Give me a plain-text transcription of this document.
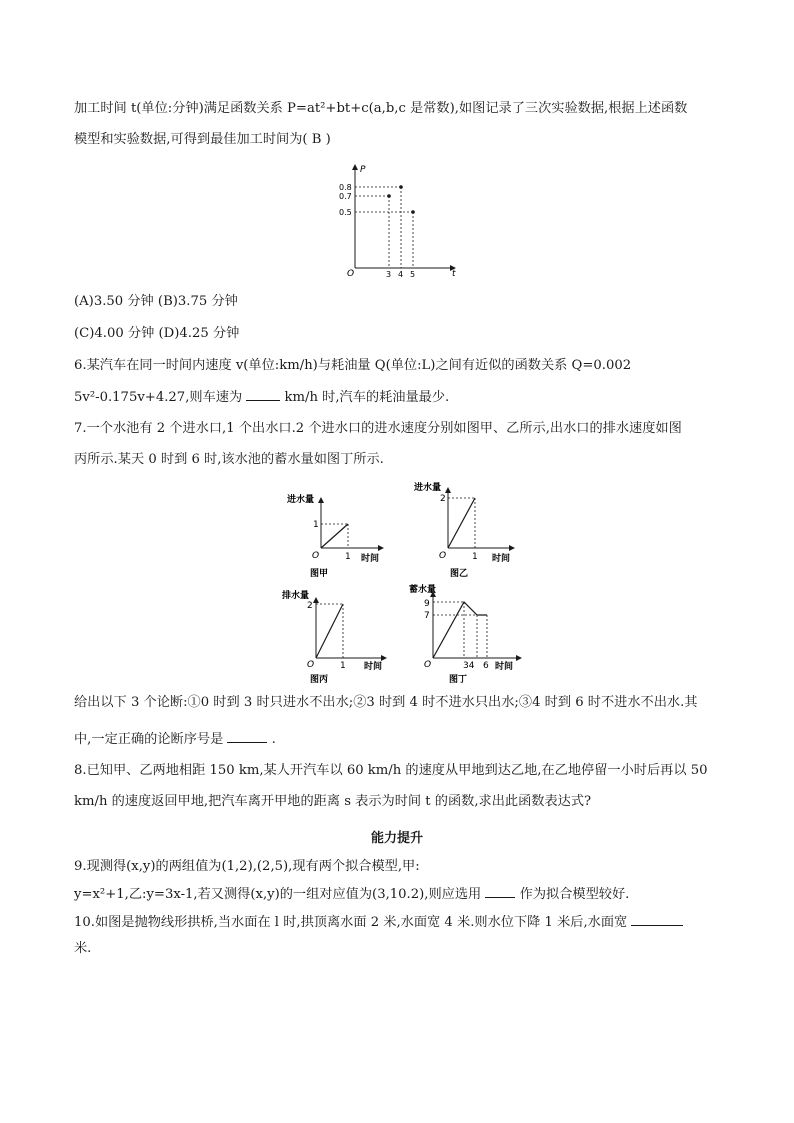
加工时间 t(单位:分钟)满足函数关系 P=at²+bt+c(a,b,c 是常数),如图记录了三次实验数据,根据上述函数
模型和实验数据,可得到最佳加工时间为( B )
P
t
O
0.8
0.7
0.5
3 4 5
(A)3.50 分钟 (B)3.75 分钟
(C)4.00 分钟 (D)4.25 分钟
6.某汽车在同一时间内速度 v(单位:km/h)与耗油量 Q(单位:L)之间有近似的函数关系 Q=0.002
5v²-0.175v+4.27,则车速为	km/h 时,汽车的耗油量最少.
7.一个水池有 2 个进水口,1 个出水口.2 个进水口的进水速度分别如图甲、乙所示,出水口的排水速度如图
丙所示.某天 0 时到 6 时,该水池的蓄水量如图丁所示.
进水量
时间
O
1
1
图甲
进水量
时间
O
2
1
图乙
排水量
时间
O
2
1
图丙
蓄水量
时间
O
9
7
34 6
图丁
给出以下 3 个论断:①0 时到 3 时只进水不出水;②3 时到 4 时不进水只出水;③4 时到 6 时不进水不出水.其
中,一定正确的论断序号是	.
8.已知甲、乙两地相距 150 km,某人开汽车以 60 km/h 的速度从甲地到达乙地,在乙地停留一小时后再以 50
km/h 的速度返回甲地,把汽车离开甲地的距离 s 表示为时间 t 的函数,求出此函数表达式?
能力提升
9.现测得(x,y)的两组值为(1,2),(2,5),现有两个拟合模型,甲:
y=x²+1,乙:y=3x-1,若又测得(x,y)的一组对应值为(3,10.2),则应选用	作为拟合模型较好.
10.如图是抛物线形拱桥,当水面在 l 时,拱顶离水面 2 米,水面宽 4 米.则水位下降 1 米后,水面宽
米.
